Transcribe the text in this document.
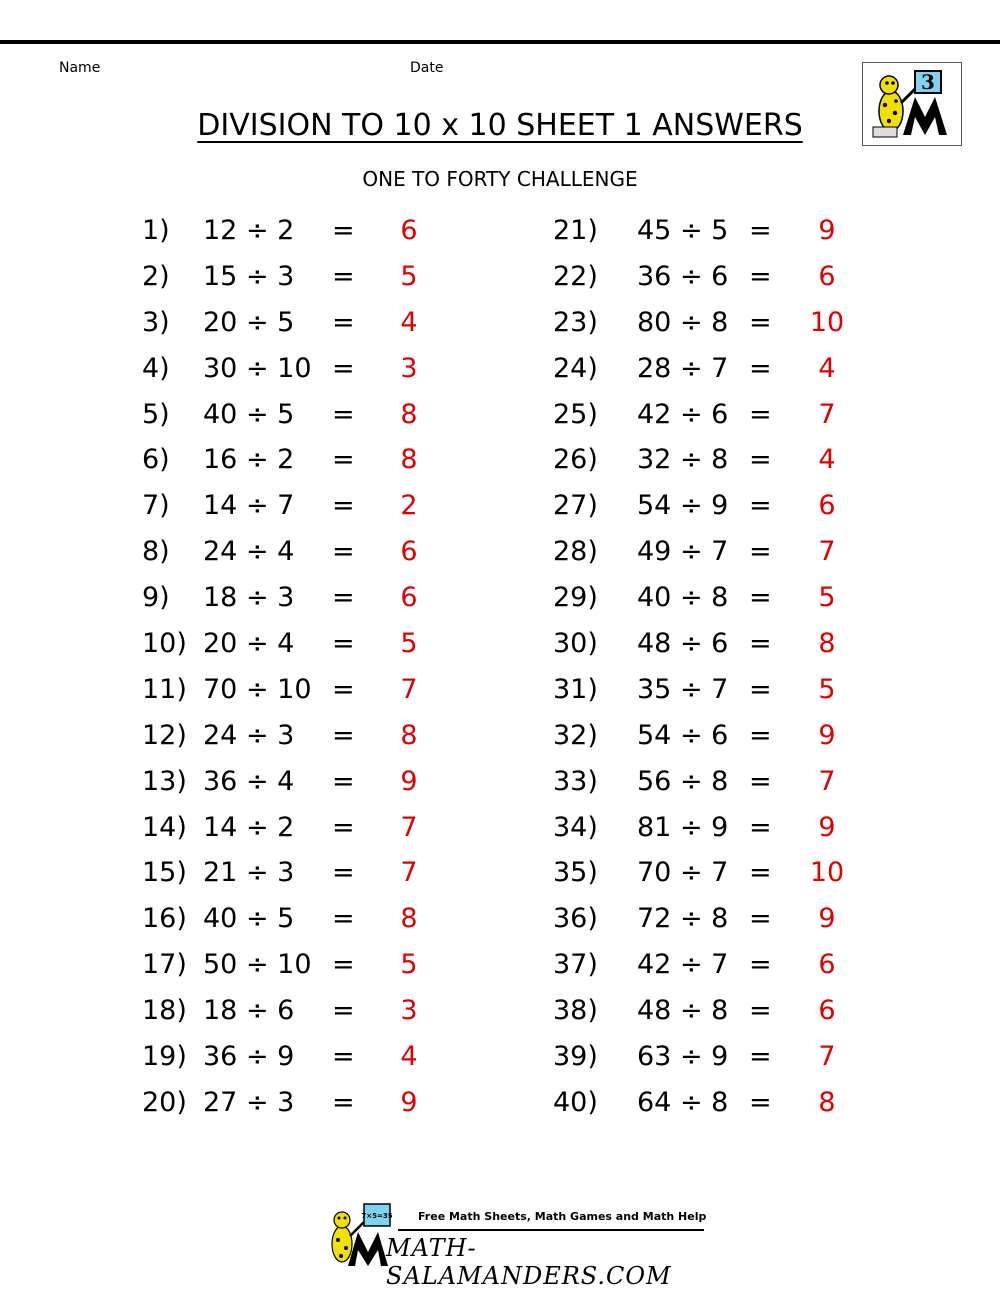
Name	Date
3
DIVISION TO 10 x 10 SHEET 1 ANSWERS
ONE TO FORTY CHALLENGE
1) 12 ÷ 2 =	6
2) 15 ÷ 3 =	5
3) 20 ÷ 5 =	4
4) 30 ÷ 10 =	3
5) 40 ÷ 5 =	8
6) 16 ÷ 2 =	8
7) 14 ÷ 7 =	2
8) 24 ÷ 4 =	6
9) 18 ÷ 3 =	6
10) 20 ÷ 4 =	5
11) 70 ÷ 10 =	7
12) 24 ÷ 3 =	8
13) 36 ÷ 4 =	9
14) 14 ÷ 2 =	7
15) 21 ÷ 3 =	7
16) 40 ÷ 5 =	8
17) 50 ÷ 10 =	5
18) 18 ÷ 6 =	3
19) 36 ÷ 9 =	4
20) 27 ÷ 3 =	9
21) 45 ÷ 5 =	9
22) 36 ÷ 6 =	6
23) 80 ÷ 8 =	10
24) 28 ÷ 7 =	4
25) 42 ÷ 6 =	7
26) 32 ÷ 8 =	4
27) 54 ÷ 9 =	6
28) 49 ÷ 7 =	7
29) 40 ÷ 8 =	5
30) 48 ÷ 6 =	8
31) 35 ÷ 7 =	5
32) 54 ÷ 6 =	9
33) 56 ÷ 8 =	7
34) 81 ÷ 9 =	9
35) 70 ÷ 7 =	10
36) 72 ÷ 8 =	9
37) 42 ÷ 7 =	6
38) 48 ÷ 8 =	6
39) 63 ÷ 9 =	7
40) 64 ÷ 8 =	8
7×5=35 Free Math Sheets, Math Games and Math Help
MATH-SALAMANDERS.COM
